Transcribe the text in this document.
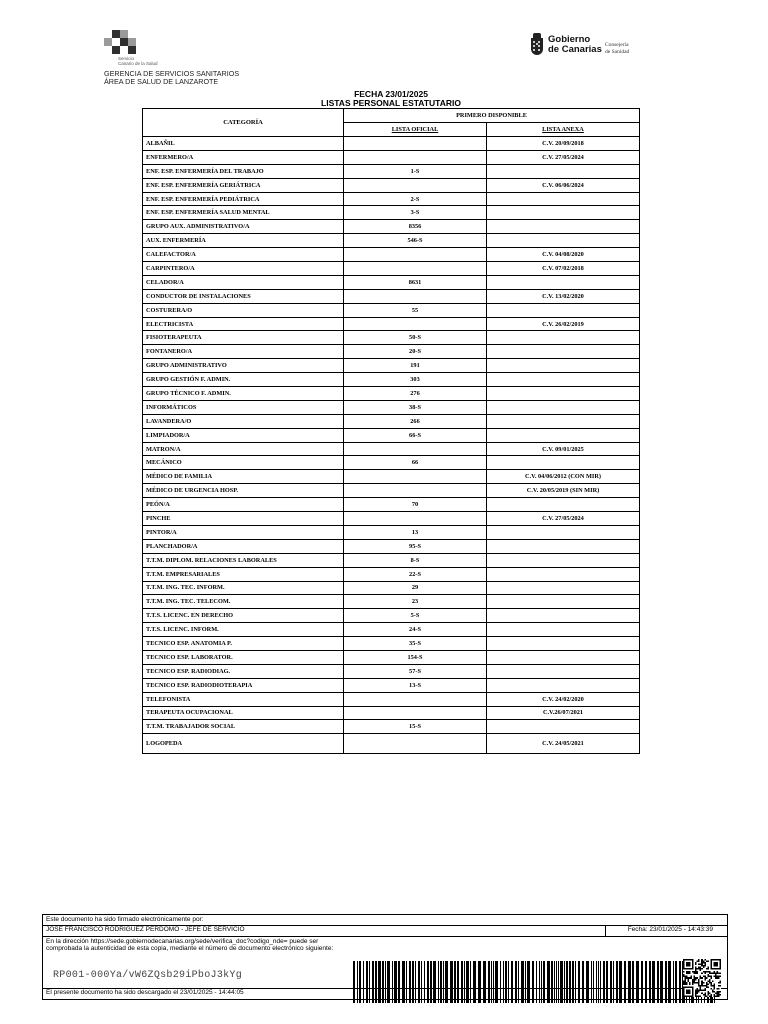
Servicio
Canario de la Salud
GERENCIA DE SERVICIOS SANITARIOS
ÁREA DE SALUD DE LANZAROTE
Gobierno
de Canarias Consejería
de Sanidad
FECHA 23/01/2025
LISTAS PERSONAL ESTATUTARIO
CATEGORÍA	PRIMERO DISPONIBLE	
	LISTA OFICIAL	LISTA ANEXA
ALBAÑIL		C.V. 20/09/2018
ENFERMERO/A		C.V. 27/05/2024
ENF. ESP. ENFERMERÍA DEL TRABAJO	1-S	
ENF. ESP. ENFERMERÍA GERIÁTRICA		C.V. 06/06/2024
ENF. ESP. ENFERMERÍA PEDIÁTRICA	2-S	
ENF. ESP. ENFERMERÍA SALUD MENTAL	3-S	
GRUPO AUX. ADMINISTRATIVO/A	8356	
AUX. ENFERMERÍA	546-S	
CALEFACTOR/A		C.V. 04/08/2020
CARPINTERO/A		C.V. 07/02/2018
CELADOR/A	8631	
CONDUCTOR DE INSTALACIONES		C.V. 13/02/2020
COSTURERA/O	55	
ELECTRICISTA		C.V. 26/02/2019
FISIOTERAPEUTA	50-S	
FONTANERO/A	20-S	
GRUPO ADMINISTRATIVO	191	
GRUPO GESTIÓN F. ADMIN.	303	
GRUPO TÉCNICO F. ADMIN.	276	
INFORMÁTICOS	38-S	
LAVANDERA/O	266	
LIMPIADOR/A	66-S	
MATRON/A		C.V. 09/01/2025
MECÁNICO	66	
MÉDICO DE FAMILIA		C.V. 04/06/2012 (CON MIR)
MÉDICO DE URGENCIA HOSP.		C.V. 20/05/2019 (SIN MIR)
PEÓN/A	70	
PINCHE		C.V. 27/05/2024
PINTOR/A	13	
PLANCHADOR/A	95-S	
T.T.M. DIPLOM. RELACIONES LABORALES	8-S	
T.T.M. EMPRESARIALES	22-S	
T.T.M. ING. TEC. INFORM.	29	
T.T.M. ING. TEC. TELECOM.	23	
T.T.S. LICENC. EN DERECHO	5-S	
T.T.S. LICENC. INFORM.	24-S	
TECNICO ESP. ANATOMIA P.	35-S	
TECNICO ESP. LABORATOR.	154-S	
TECNICO ESP. RADIODIAG.	57-S	
TECNICO ESP. RADIODIOTERAPIA	13-S	
TELEFONISTA		C.V. 24/02/2020
TERAPEUTA OCUPACIONAL		C.V.26/07/2021
T.T.M. TRABAJADOR SOCIAL	15-S	
LOGOPEDA		C.V. 24/05/2021
Este documento ha sido firmado electrónicamente por:
JOSE FRANCISCO RODRIGUEZ PERDOMO - JEFE DE SERVICIO	Fecha: 23/01/2025 - 14:43:39
En la dirección https://sede.gobiernodecanarias.org/sede/verifica_doc?codigo_nde= puede ser comprobada la autenticidad de esta copia, mediante el número de documento electrónico siguiente:
RP001-000Ya/vW6ZQsb29iPboJ3kYg
El presente documento ha sido descargado el 23/01/2025 - 14:44:05
